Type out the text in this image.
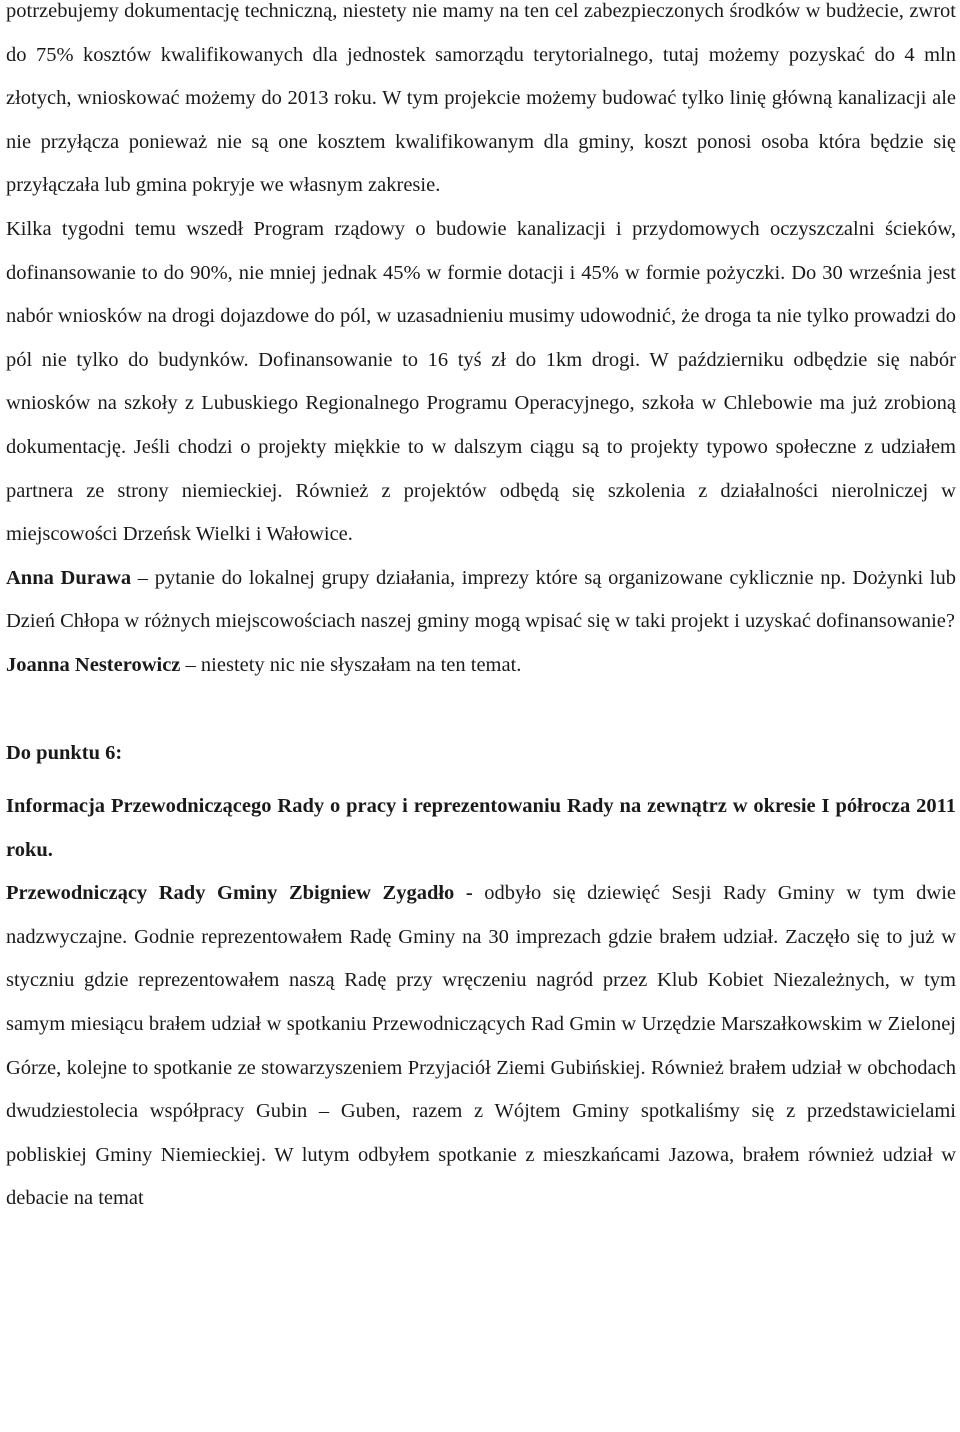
potrzebujemy dokumentację techniczną, niestety nie mamy na ten cel zabezpieczonych środków w budżecie, zwrot do 75% kosztów kwalifikowanych dla jednostek samorządu terytorialnego, tutaj możemy pozyskać do 4 mln złotych, wnioskować możemy do 2013 roku. W tym projekcie możemy budować tylko linię główną kanalizacji ale nie przyłącza ponieważ nie są one kosztem kwalifikowanym dla gminy, koszt ponosi osoba która będzie się przyłączała lub gmina pokryje we własnym zakresie.

Kilka tygodni temu wszedł Program rządowy o budowie kanalizacji i przydomowych oczyszczalni ścieków, dofinansowanie to do 90%, nie mniej jednak 45% w formie dotacji i 45% w formie pożyczki. Do 30 września jest nabór wniosków na drogi dojazdowe do pól, w uzasadnieniu musimy udowodnić, że droga ta nie tylko prowadzi do pól nie tylko do budynków. Dofinansowanie to 16 tyś zł do 1km drogi. W październiku odbędzie się nabór wniosków na szkoły z Lubuskiego Regionalnego Programu Operacyjnego, szkoła w Chlebowie ma już zrobioną dokumentację. Jeśli chodzi o projekty miękkie to w dalszym ciągu są to projekty typowo społeczne z udziałem partnera ze strony niemieckiej. Również z projektów odbędą się szkolenia z działalności nierolniczej w miejscowości Drzeńsk Wielki i Wałowice.

Anna Durawa – pytanie do lokalnej grupy działania, imprezy które są organizowane cyklicznie np. Dożynki lub Dzień Chłopa w różnych miejscowościach naszej gminy mogą wpisać się w taki projekt i uzyskać dofinansowanie?

Joanna Nesterowicz – niestety nic nie słyszałam na ten temat.

Do punktu 6:

Informacja Przewodniczącego Rady o pracy i reprezentowaniu Rady na zewnątrz w okresie I półrocza 2011 roku.

Przewodniczący Rady Gminy Zbigniew Zygadło - odbyło się dziewięć Sesji Rady Gminy w tym dwie nadzwyczajne. Godnie reprezentowałem Radę Gminy na 30 imprezach gdzie brałem udział. Zaczęło się to już w styczniu gdzie reprezentowałem naszą Radę przy wręczeniu nagród przez Klub Kobiet Niezależnych, w tym samym miesiącu brałem udział w spotkaniu Przewodniczących Rad Gmin w Urzędzie Marszałkowskim w Zielonej Górze, kolejne to spotkanie ze stowarzyszeniem Przyjaciół Ziemi Gubińskiej. Również brałem udział w obchodach dwudziestolecia współpracy Gubin – Guben, razem z Wójtem Gminy spotkaliśmy się z przedstawicielami pobliskiej Gminy Niemieckiej. W lutym odbyłem spotkanie z mieszkańcami Jazowa, brałem również udział w debacie na temat
